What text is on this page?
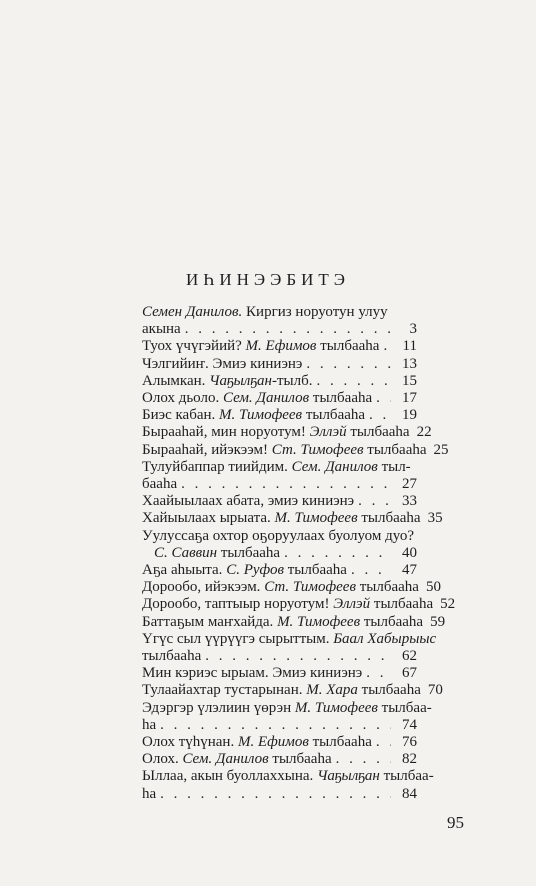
ИҺИНЭЭБИТЭ
Семен Данилов. Киргиз норуотун улуу
акына . . .	3
Туох үчүгэйий? М. Ефимов тылбааһа . . .	11
Чэлгийиҥ. Эмиэ киниэнэ . . .	13
Алымкан. Чаҕылҕан-тылб. . . .	15
Олох дьоло. Сем. Данилов тылбааһа . . .	17
Биэс кабан. М. Тимофеев тылбааһа . . .	19
Бырааһай, мин норуотум! Эллэй тылбааһа 22
Бырааһай, ийэкээм! Ст. Тимофеев тылбааһа 25
Тулуйбаппар тиийдим. Сем. Данилов тыл-
бааһа . . .	27
Хаайыылаах абата, эмиэ киниэнэ . . .	33
Хайыылаах ырыата. М. Тимофеев тылбааһа 35
Уулуссаҕа охтор оҕоруулаах буолуом дуо?
С. Саввин тылбааһа . . .	40
Аҕа аһыыта. С. Руфов тылбааһа . . .	47
Дорообо, ийэкээм. Ст. Тимофеев тылбааһа 50
Дорообо, таптыыр норуотум! Эллэй тылбааһа 52
Баттаҕым маҥхайда. М. Тимофеев тылбааһа 59
Үгүс сыл үүрүүгэ сырыттым. Баал Хабырыыс
тылбааһа . . .	62
Мин кэриэс ырыам. Эмиэ киниэнэ . . .	67
Тулаайахтар тустарынан. М. Хара тылбааһа 70
Эдэргэр үлэлиин үөрэн М. Тимофеев тылбаа-
һа . . .	74
Олох түһүнан. М. Ефимов тылбааһа . . .	76
Олох. Сем. Данилов тылбааһа . . .	82
Ыллаа, акын буоллаххына. Чаҕылҕан тылбаа-
һа . . .	84
95
